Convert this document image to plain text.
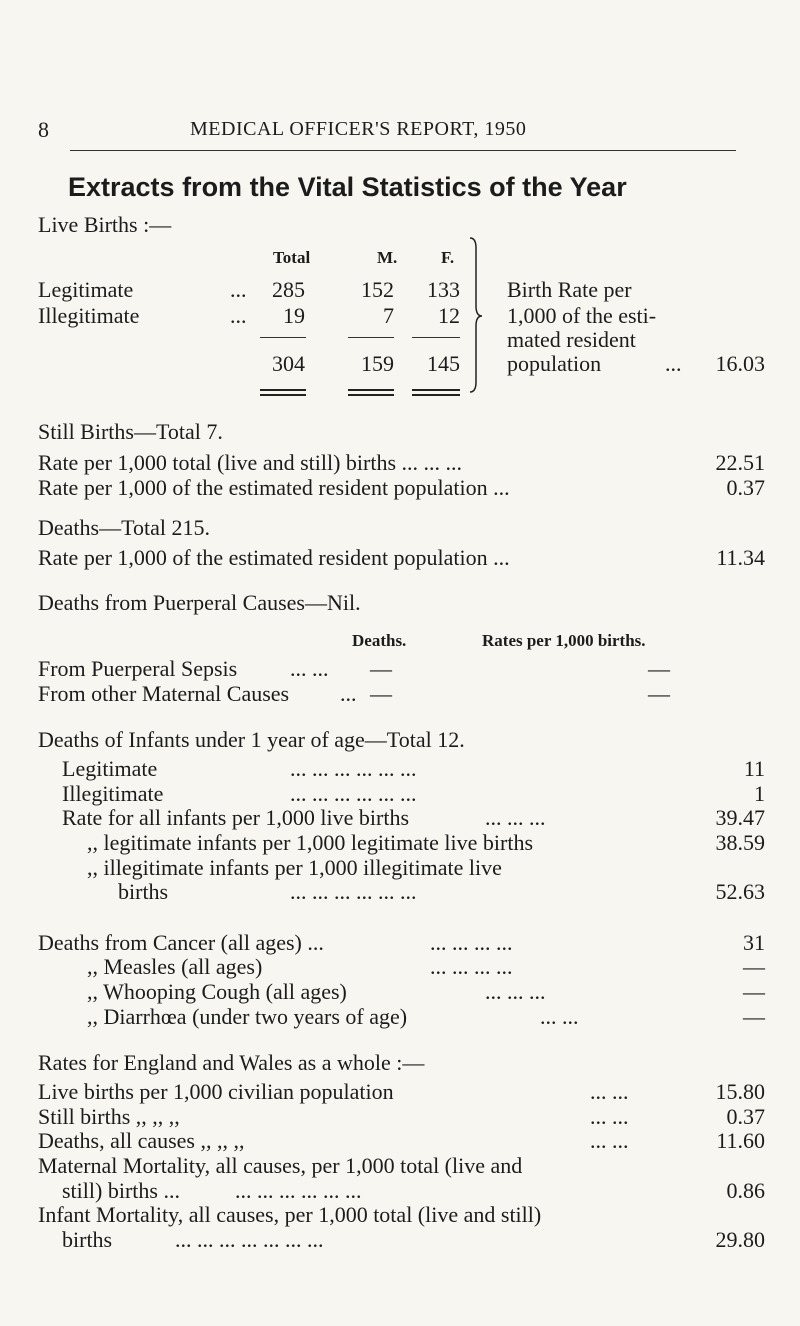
8	MEDICAL OFFICER'S REPORT, 1950
Extracts from the Vital Statistics of the Year
Live Births :—
Total	M.	F.
Legitimate	...	285	152	133
Illegitimate	...	19	7	12
304	159	145
Birth Rate per
1,000 of the esti-
mated resident
population	...	16.03
Still Births—Total 7.
Rate per 1,000 total (live and still) births ... ... ...	22.51
Rate per 1,000 of the estimated resident population ...	0.37
Deaths—Total 215.
Rate per 1,000 of the estimated resident population ...	11.34
Deaths from Puerperal Causes—Nil.
Deaths.	Rates per 1,000 births.
From Puerperal Sepsis ... ... —	—
From other Maternal Causes ... —	—
Deaths of Infants under 1 year of age—Total 12.
Legitimate	... ... ... ... ... ...	11
Illegitimate	... ... ... ... ... ...	1
Rate for all infants per 1,000 live births	... ... ...	39.47
,, legitimate infants per 1,000 legitimate live births	38.59
,, illegitimate infants per 1,000 illegitimate live
births	... ... ... ... ... ...	52.63
Deaths from Cancer (all ages) ...	... ... ... ...	31
,, Measles (all ages)	... ... ... ...	—
,, Whooping Cough (all ages)	... ... ...	—
,, Diarrhœa (under two years of age)	... ...	—
Rates for England and Wales as a whole :—
Live births per 1,000 civilian population	... ...	15.80
Still births ,, ,, ,,	... ...	0.37
Deaths, all causes ,, ,, ,,	... ...	11.60
Maternal Mortality, all causes, per 1,000 total (live and
still) births ...	... ... ... ... ... ...	0.86
Infant Mortality, all causes, per 1,000 total (live and still)
births	... ... ... ... ... ... ...	29.80
